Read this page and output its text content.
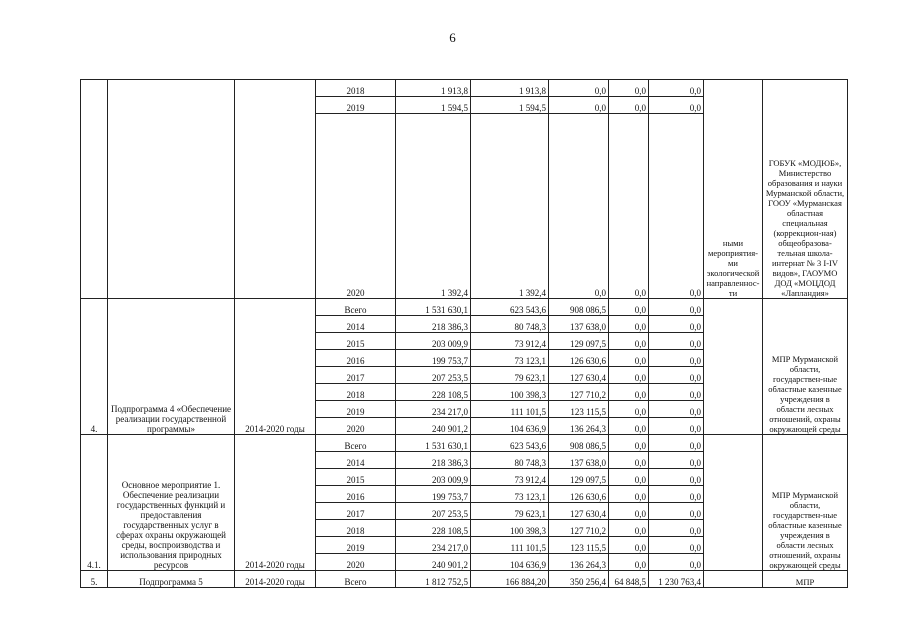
6
			2018	1 913,8	1 913,8	0,0	0,0	0,0	ными мероприятия-ми экологической направленнос-ти	ГОБУК «МОДЮБ», Министерство образования и науки Мурманской области, ГООУ «Мурманская областная специальная (коррекцион-ная) общеобразова-тельная школа-интернат № 3 I-IV видов», ГАОУМО ДОД «МОЦДОД «Лапландия»
			2019	1 594,5	1 594,5	0,0	0,0	0,0		
			2020	1 392,4	1 392,4	0,0	0,0	0,0		
4.	Подпрограмма 4 «Обеспечение реализации государственной программы»	2014-2020 годы	Всего	1 531 630,1	623 543,6	908 086,5	0,0	0,0		МПР Мурманской области, государствен-ные областные казенные учреждения в области лесных отношений, охраны окружающей среды
			2014	218 386,3	80 748,3	137 638,0	0,0	0,0		
			2015	203 009,9	73 912,4	129 097,5	0,0	0,0		
			2016	199 753,7	73 123,1	126 630,6	0,0	0,0		
			2017	207 253,5	79 623,1	127 630,4	0,0	0,0		
			2018	228 108,5	100 398,3	127 710,2	0,0	0,0		
			2019	234 217,0	111 101,5	123 115,5	0,0	0,0		
			2020	240 901,2	104 636,9	136 264,3	0,0	0,0		
4.1.	Основное мероприятие 1. Обеспечение реализации государственных функций и предоставления государственных услуг в сферах охраны окружающей среды, воспроизводства и использования природных ресурсов	2014-2020 годы	Всего	1 531 630,1	623 543,6	908 086,5	0,0	0,0		МПР Мурманской области, государствен-ные областные казенные учреждения в области лесных отношений, охраны окружающей среды
			2014	218 386,3	80 748,3	137 638,0	0,0	0,0		
			2015	203 009,9	73 912,4	129 097,5	0,0	0,0		
			2016	199 753,7	73 123,1	126 630,6	0,0	0,0		
			2017	207 253,5	79 623,1	127 630,4	0,0	0,0		
			2018	228 108,5	100 398,3	127 710,2	0,0	0,0		
			2019	234 217,0	111 101,5	123 115,5	0,0	0,0		
			2020	240 901,2	104 636,9	136 264,3	0,0	0,0		
5.	Подпрограмма 5	2014-2020 годы	Всего	1 812 752,5	166 884,20	350 256,4	64 848,5	1 230 763,4		МПР
